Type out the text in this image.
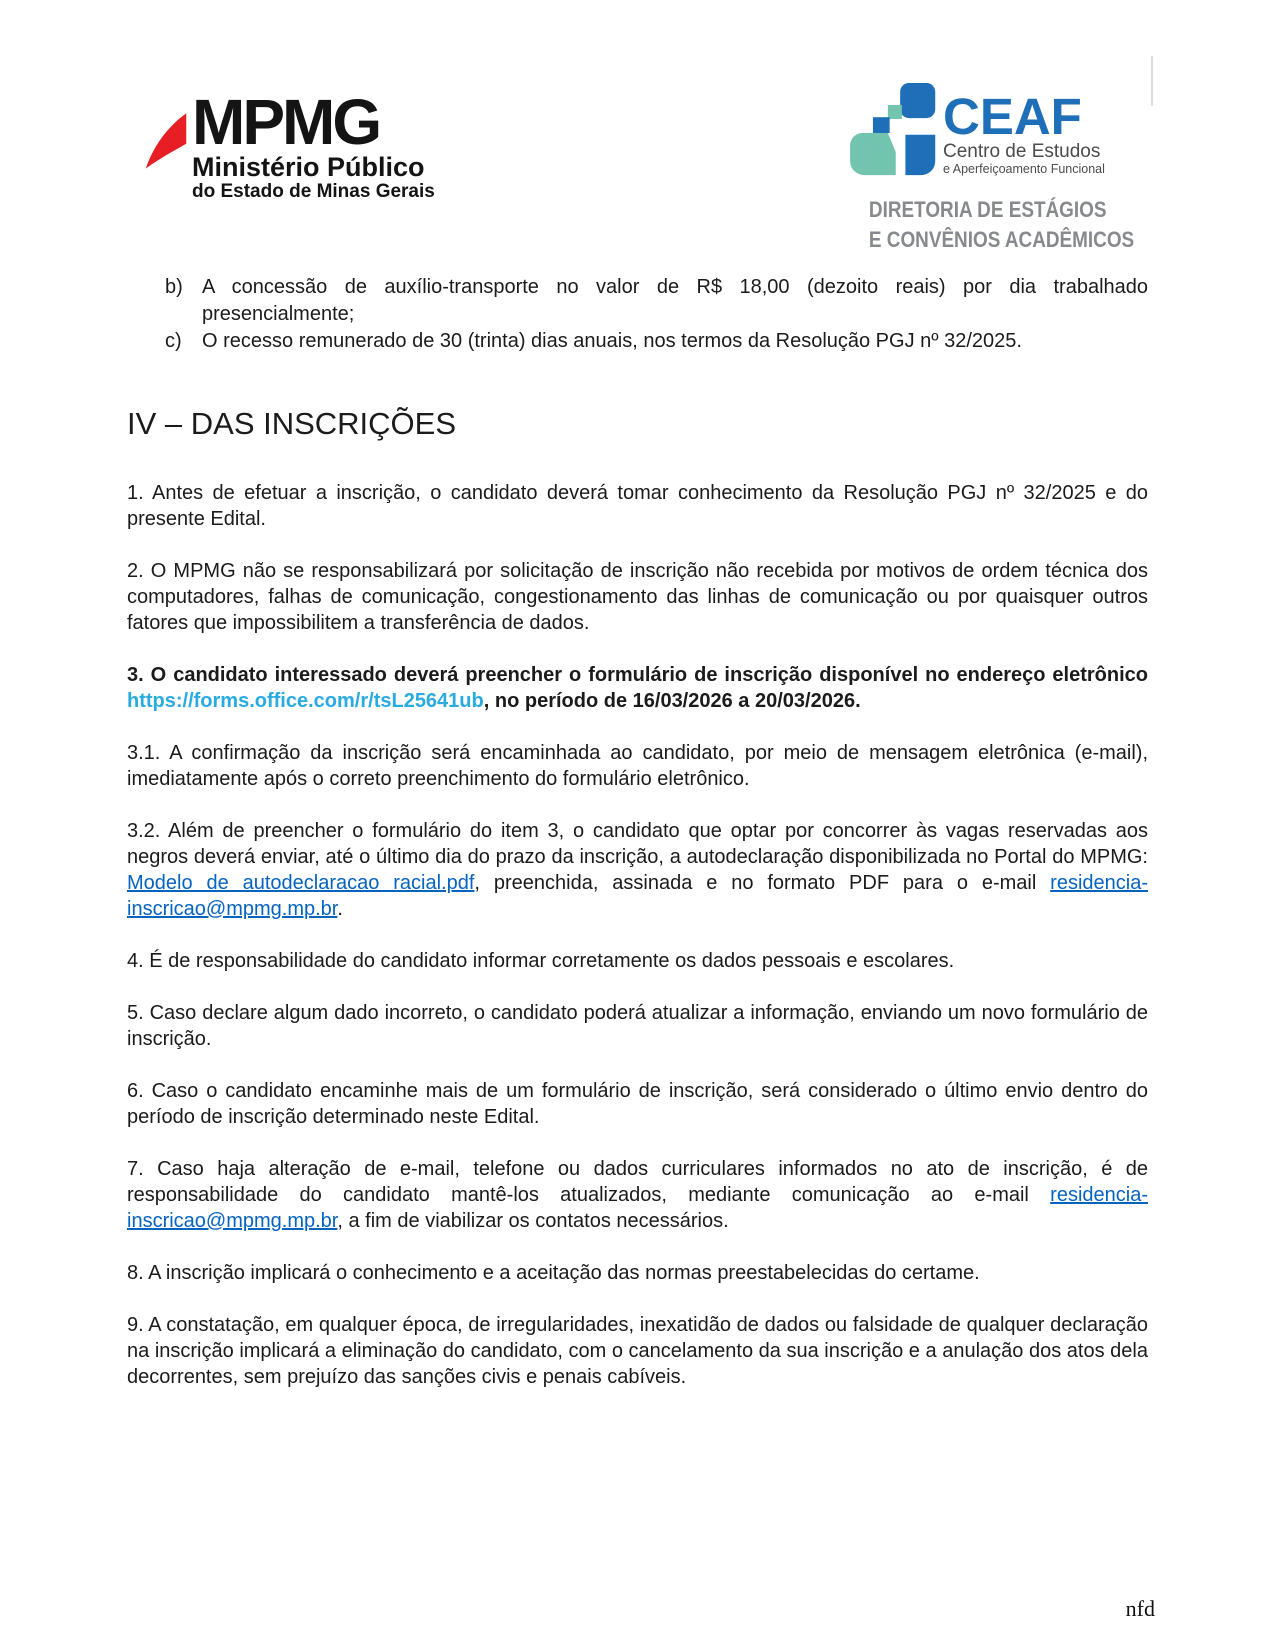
MPMG
Ministério Público
do Estado de Minas Gerais
CEAF
Centro de Estudos
e Aperfeiçoamento Funcional
DIRETORIA DE ESTÁGIOS
E CONVÊNIOS ACADÊMICOS
b) A concessão de auxílio-transporte no valor de R$ 18,00 (dezoito reais) por dia trabalhado presencialmente;
c)	O recesso remunerado de 30 (trinta) dias anuais, nos termos da Resolução PGJ nº 32/2025.
IV – DAS INSCRIÇÕES

1. Antes de efetuar a inscrição, o candidato deverá tomar conhecimento da Resolução PGJ nº 32/2025 e do presente Edital.

2. O MPMG não se responsabilizará por solicitação de inscrição não recebida por motivos de ordem técnica dos computadores, falhas de comunicação, congestionamento das linhas de comunicação ou por quaisquer outros fatores que impossibilitem a transferência de dados.

3. O candidato interessado deverá preencher o formulário de inscrição disponível no endereço eletrônico https://forms.office.com/r/tsL25641ub, no período de 16/03/2026 a 20/03/2026.

3.1. A confirmação da inscrição será encaminhada ao candidato, por meio de mensagem eletrônica (e-mail), imediatamente após o correto preenchimento do formulário eletrônico.

3.2. Além de preencher o formulário do item 3, o candidato que optar por concorrer às vagas reservadas aos negros deverá enviar, até o último dia do prazo da inscrição, a autodeclaração disponibilizada no Portal do MPMG: Modelo de autodeclaracao racial.pdf, preenchida, assinada e no formato PDF para o e-mail residencia-inscricao@mpmg.mp.br.

4. É de responsabilidade do candidato informar corretamente os dados pessoais e escolares.

5. Caso declare algum dado incorreto, o candidato poderá atualizar a informação, enviando um novo formulário de inscrição.

6. Caso o candidato encaminhe mais de um formulário de inscrição, será considerado o último envio dentro do período de inscrição determinado neste Edital.

7. Caso haja alteração de e-mail, telefone ou dados curriculares informados no ato de inscrição, é de responsabilidade do candidato mantê-los atualizados, mediante comunicação ao e-mail residencia-inscricao@mpmg.mp.br, a fim de viabilizar os contatos necessários.

8. A inscrição implicará o conhecimento e a aceitação das normas preestabelecidas do certame.

9. A constatação, em qualquer época, de irregularidades, inexatidão de dados ou falsidade de qualquer declaração na inscrição implicará a eliminação do candidato, com o cancelamento da sua inscrição e a anulação dos atos dela decorrentes, sem prejuízo das sanções civis e penais cabíveis.

nfd
